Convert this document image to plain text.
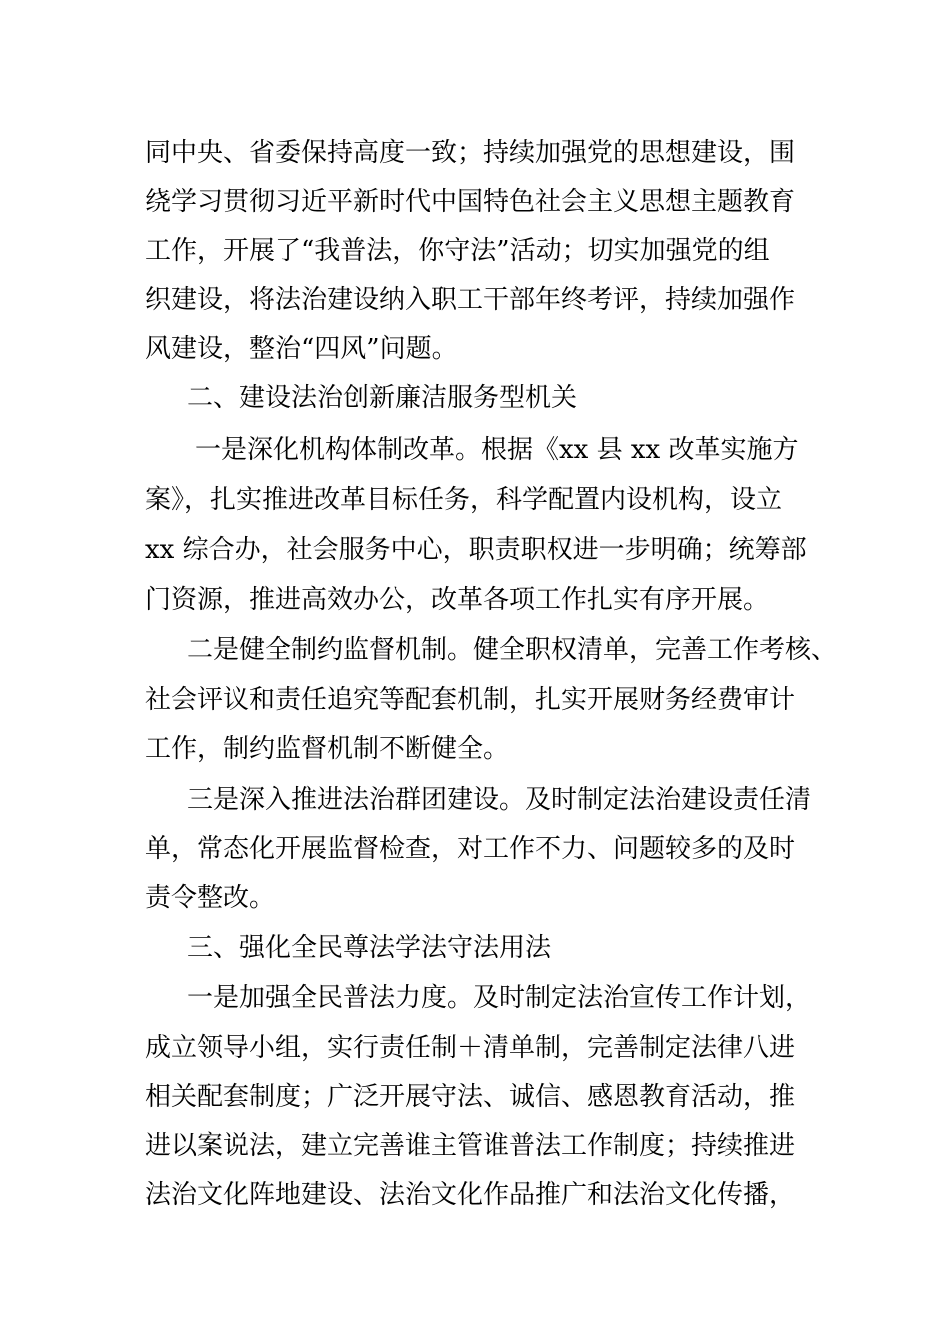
同中央、省委保持高度一致；持续加强党的思想建设，围
绕学习贯彻习近平新时代中国特色社会主义思想主题教育
工作，开展了“我普法，你守法”活动；切实加强党的组
织建设，将法治建设纳入职工干部年终考评，持续加强作
风建设，整治“四风”问题。
二、建设法治创新廉洁服务型机关
一是深化机构体制改革。根据《xx 县 xx 改革实施方
案》，扎实推进改革目标任务，科学配置内设机构，设立
xx 综合办，社会服务中心，职责职权进一步明确；统筹部
门资源，推进高效办公，改革各项工作扎实有序开展。
二是健全制约监督机制。健全职权清单，完善工作考核、
社会评议和责任追究等配套机制，扎实开展财务经费审计
工作，制约监督机制不断健全。
三是深入推进法治群团建设。及时制定法治建设责任清
单，常态化开展监督检查，对工作不力、问题较多的及时
责令整改。
三、强化全民尊法学法守法用法
一是加强全民普法力度。及时制定法治宣传工作计划，
成立领导小组，实行责任制＋清单制，完善制定法律八进
相关配套制度；广泛开展守法、诚信、感恩教育活动，推
进以案说法，建立完善谁主管谁普法工作制度；持续推进
法治文化阵地建设、法治文化作品推广和法治文化传播，
